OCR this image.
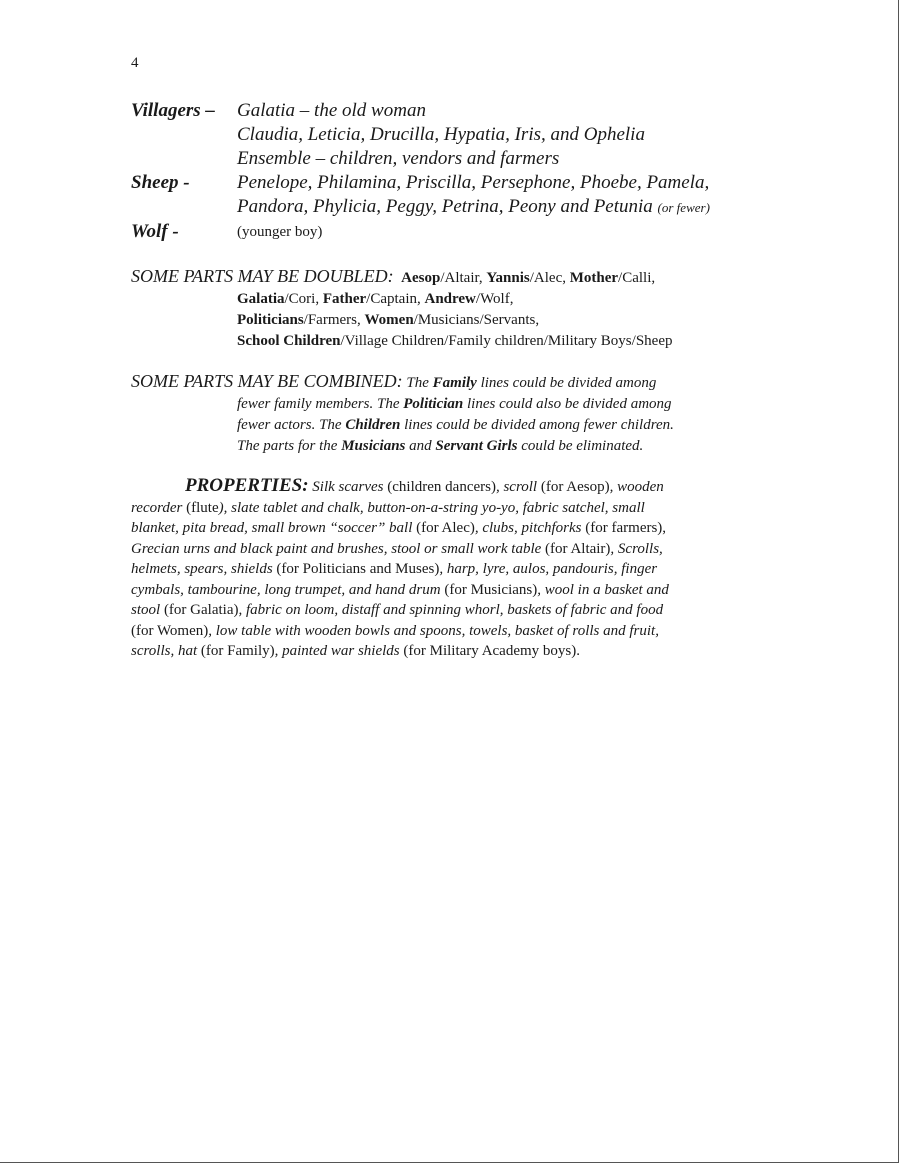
4
Villagers –	Galatia – the old woman
Claudia, Leticia, Drucilla, Hypatia, Iris, and Ophelia
Ensemble – children, vendors and farmers
Sheep -	Penelope, Philamina, Priscilla, Persephone, Phoebe, Pamela,
Pandora, Phylicia, Peggy, Petrina, Peony and Petunia (or fewer)
Wolf -	(younger boy)
SOME PARTS MAY BE DOUBLED: Aesop/Altair, Yannis/Alec, Mother/Calli,
Galatia/Cori, Father/Captain, Andrew/Wolf,
Politicians/Farmers, Women/Musicians/Servants,
School Children/Village Children/Family children/Military Boys/Sheep
SOME PARTS MAY BE COMBINED: The Family lines could be divided among
fewer family members. The Politician lines could also be divided among
fewer actors. The Children lines could be divided among fewer children.
The parts for the Musicians and Servant Girls could be eliminated.
PROPERTIES: Silk scarves (children dancers), scroll (for Aesop), wooden
recorder (flute), slate tablet and chalk, button-on-a-string yo-yo, fabric satchel, small
blanket, pita bread, small brown “soccer” ball (for Alec), clubs, pitchforks (for farmers),
Grecian urns and black paint and brushes, stool or small work table (for Altair), Scrolls,
helmets, spears, shields (for Politicians and Muses), harp, lyre, aulos, pandouris, finger
cymbals, tambourine, long trumpet, and hand drum (for Musicians), wool in a basket and
stool (for Galatia), fabric on loom, distaff and spinning whorl, baskets of fabric and food
(for Women), low table with wooden bowls and spoons, towels, basket of rolls and fruit,
scrolls, hat (for Family), painted war shields (for Military Academy boys).
